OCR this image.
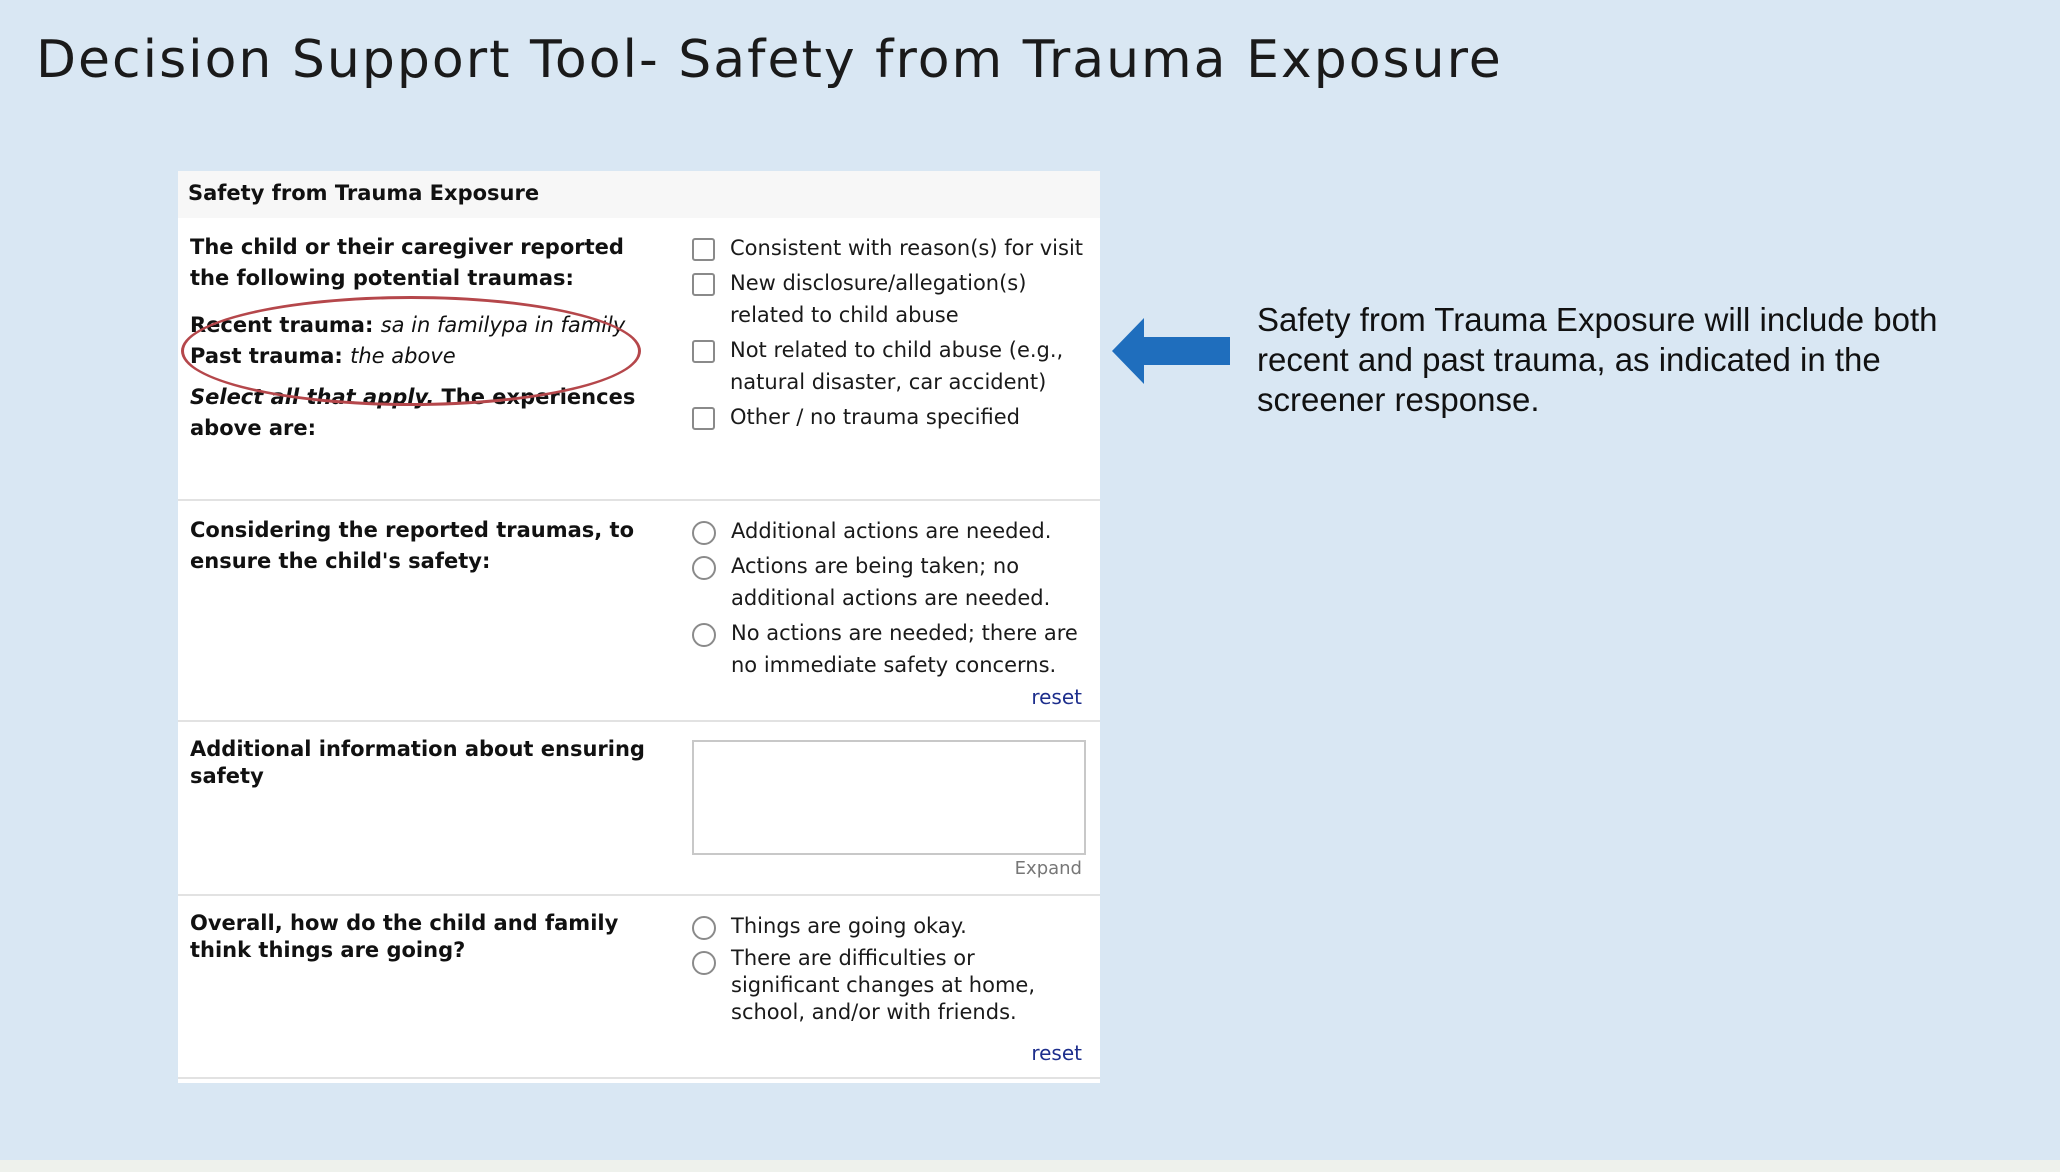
Decision Support Tool- Safety from Trauma Exposure
Safety from Trauma Exposure
The child or their caregiver reported the following potential traumas:
Recent trauma: sa in familypa in family
Past trauma: the above
Select all that apply. The experiences above are:
Consistent with reason(s) for visit
New disclosure/allegation(s) related to child abuse
Not related to child abuse (e.g., natural disaster, car accident)
Other / no trauma specified
Considering the reported traumas, to ensure the child's safety:
Additional actions are needed.
Actions are being taken; no additional actions are needed.
No actions are needed; there are no immediate safety concerns.
reset
Additional information about ensuring safety
Expand
Overall, how do the child and family think things are going?
Things are going okay.
There are difficulties or significant changes at home, school, and/or with friends.
reset
Safety from Trauma Exposure will include both recent and past trauma, as indicated in the screener response.
